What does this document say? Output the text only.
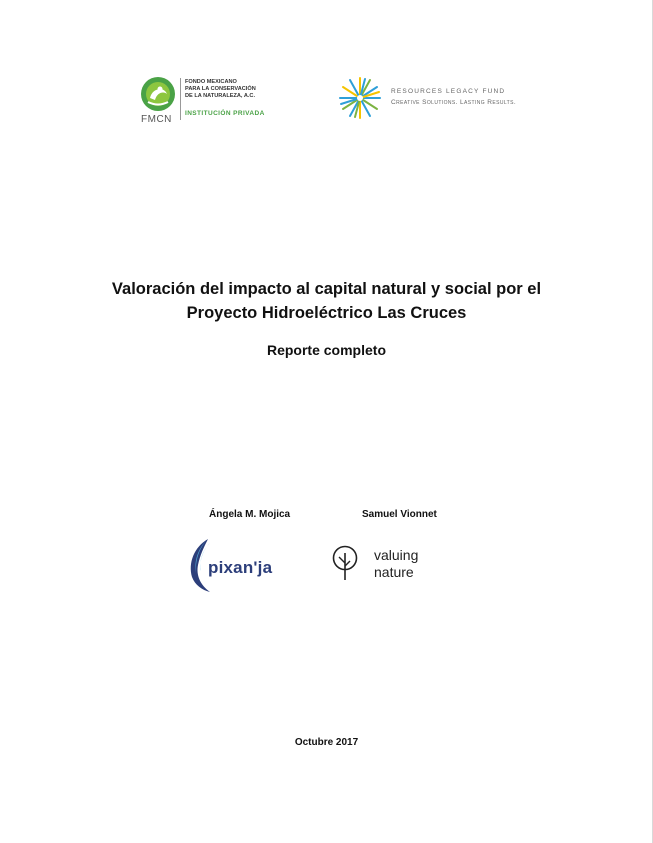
FMCN
FONDO MEXICANO
PARA LA CONSERVACIÓN
DE LA NATURALEZA, A.C.
INSTITUCIÓN PRIVADA
RESOURCES LEGACY FUND
Creative Solutions. Lasting Results.
Valoración del impacto al capital natural y social por el
Proyecto Hidroeléctrico Las Cruces
Reporte completo
Ángela M. Mojica	Samuel Vionnet
pixan'ja
valuing
nature
Octubre 2017
